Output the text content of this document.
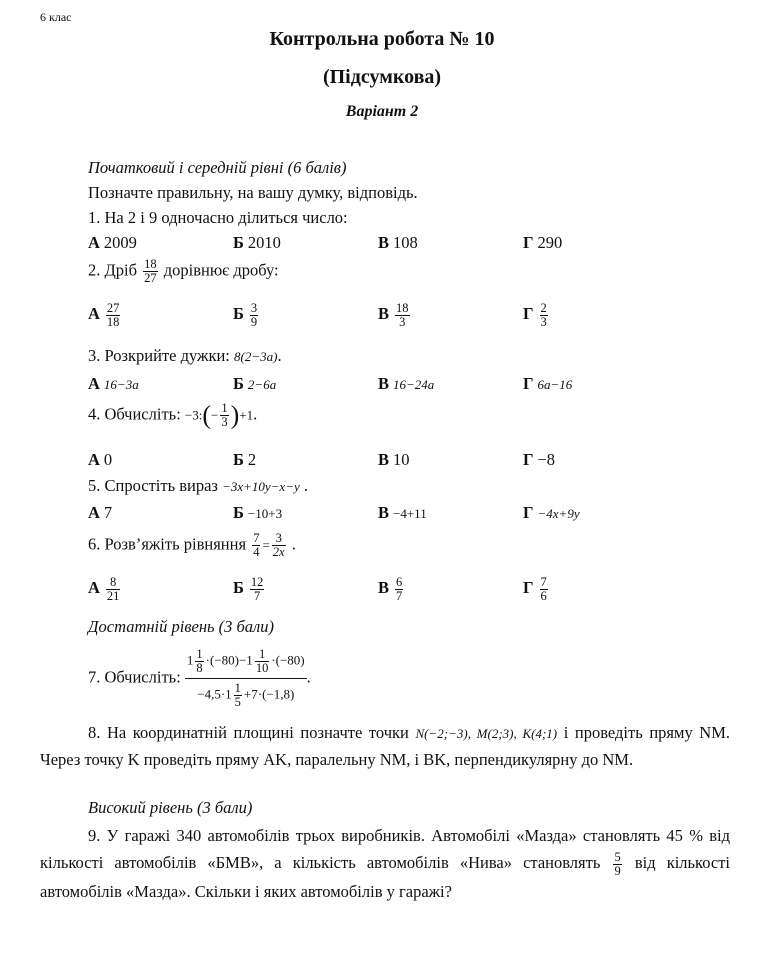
6 клас
Контрольна робота № 10
(Підсумкова)
Варіант 2
Початковий і середній рівні (6 балів)
Позначте правильну, на вашу думку, відповідь.
1. На 2 і 9 одночасно ділиться число:
А 2009	Б 2010	В 108	Г 290
2. Дріб $\frac{18}{27}$ дорівнює дробу:
А $\frac{27}{18}$	Б $\frac{3}{9}$	В $\frac{18}{3}$	Г $\frac{2}{3}$
3. Розкрийте дужки: 8(2−3a).
А 16−3a	Б 2−6a	В 16−24a	Г 6a−16
4. Обчисліть: −3:(− $\frac{1}{3} )+1$.
А 0	Б 2	В 10	Г −8
5. Спростіть вираз −3x+10y−x−y .
А 7	Б −10+3	В −4+11	Г −4x+9y
6. Розв’яжіть рівняння $\frac{7}{4} = \frac{3}{2x}$ .
А $\frac{8}{21}$	Б $\frac{12}{7}$	В $\frac{6}{7}$	Г $\frac{7}{6}$
Достатній рівень (3 бали)
7. Обчисліть: $\frac{1 \frac{1}{8} \cdot(-80)-1 \frac{1}{10} \cdot(-80)}{-4,5\cdot 1 \frac{1}{5} +7\cdot(-1,8)}$ .
8. На координатній площині позначте точки N(−2;−3), M(2;3), K(4;1) і проведіть пряму NM. Через точку K проведіть пряму AK, паралельну NM, і BK, перпендикулярну до NM.
Високий рівень (3 бали)
9. У гаражі 340 автомобілів трьох виробників. Автомобілі «Мазда» становлять 45 % від кількості автомобілів «БМВ», а кількість автомобілів «Нива» становлять $\frac{5}{9}$ від кількості автомобілів «Мазда». Скільки і яких автомобілів у гаражі?
